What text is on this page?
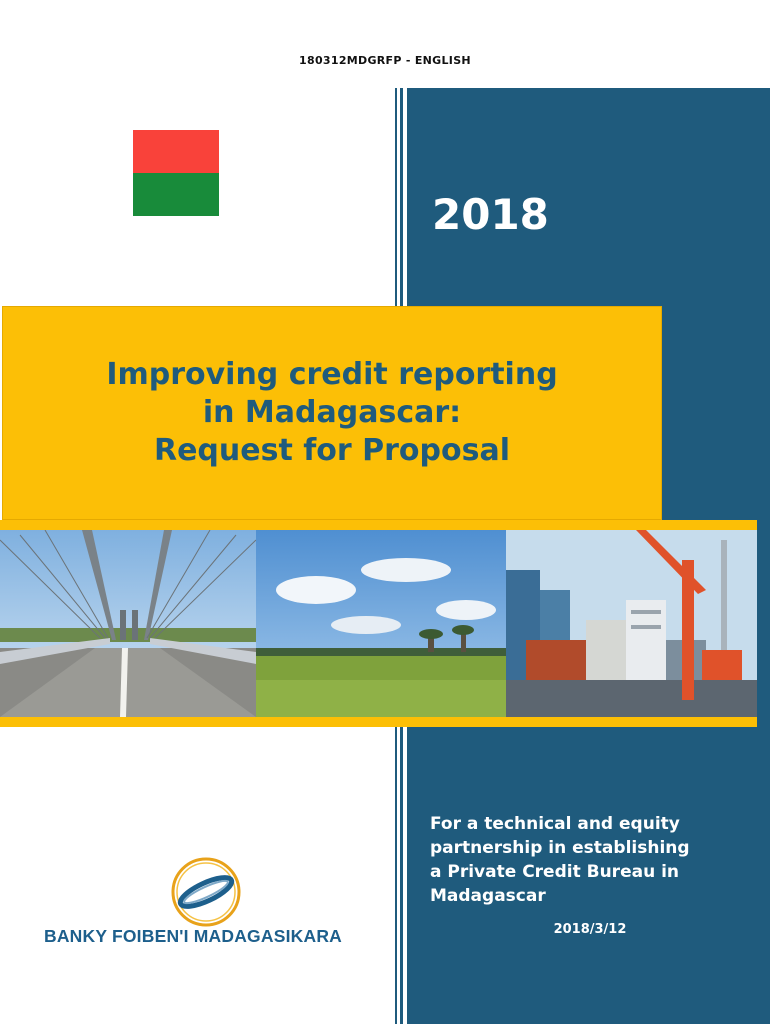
180312MDGRFP - ENGLISH
2018
Improving credit reporting
in Madagascar:
Request for Proposal
For a technical and equity
partnership in establishing
a Private Credit Bureau in
Madagascar
2018/3/12
BANKY FOIBEN'I MADAGASIKARA
